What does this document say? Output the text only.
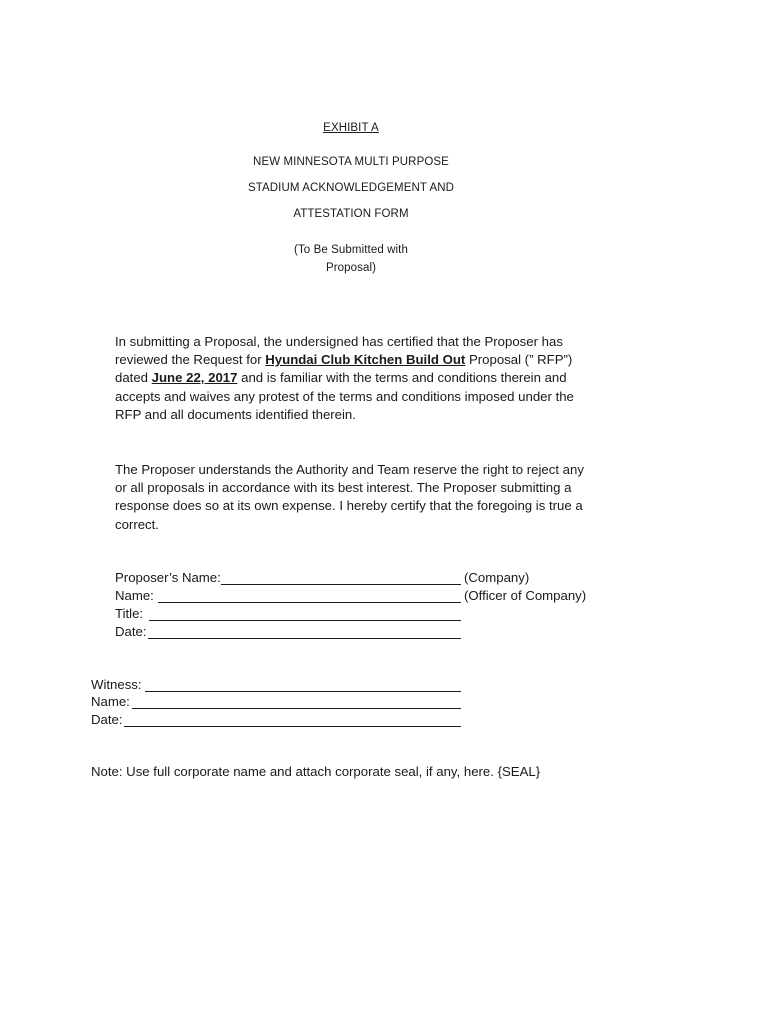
EXHIBIT A
NEW MINNESOTA MULTI PURPOSE
STADIUM ACKNOWLEDGEMENT AND
ATTESTATION FORM
(To Be Submitted with
Proposal)
In submitting a Proposal, the undersigned has certified that the Proposer has reviewed the Request for Hyundai Club Kitchen Build Out Proposal (” RFP”) dated June 22, 2017 and is familiar with the terms and conditions therein and accepts and waives any protest of the terms and conditions imposed under the RFP and all documents identified therein.
The Proposer understands the Authority and Team reserve the right to reject any or all proposals in accordance with its best interest. The Proposer submitting a response does so at its own expense. I hereby certify that the foregoing is true a correct.
Proposer’s Name:	(Company)
Name:	(Officer of Company)
Title:
Date:
Witness:
Name:
Date:
Note: Use full corporate name and attach corporate seal, if any, here. {SEAL}
